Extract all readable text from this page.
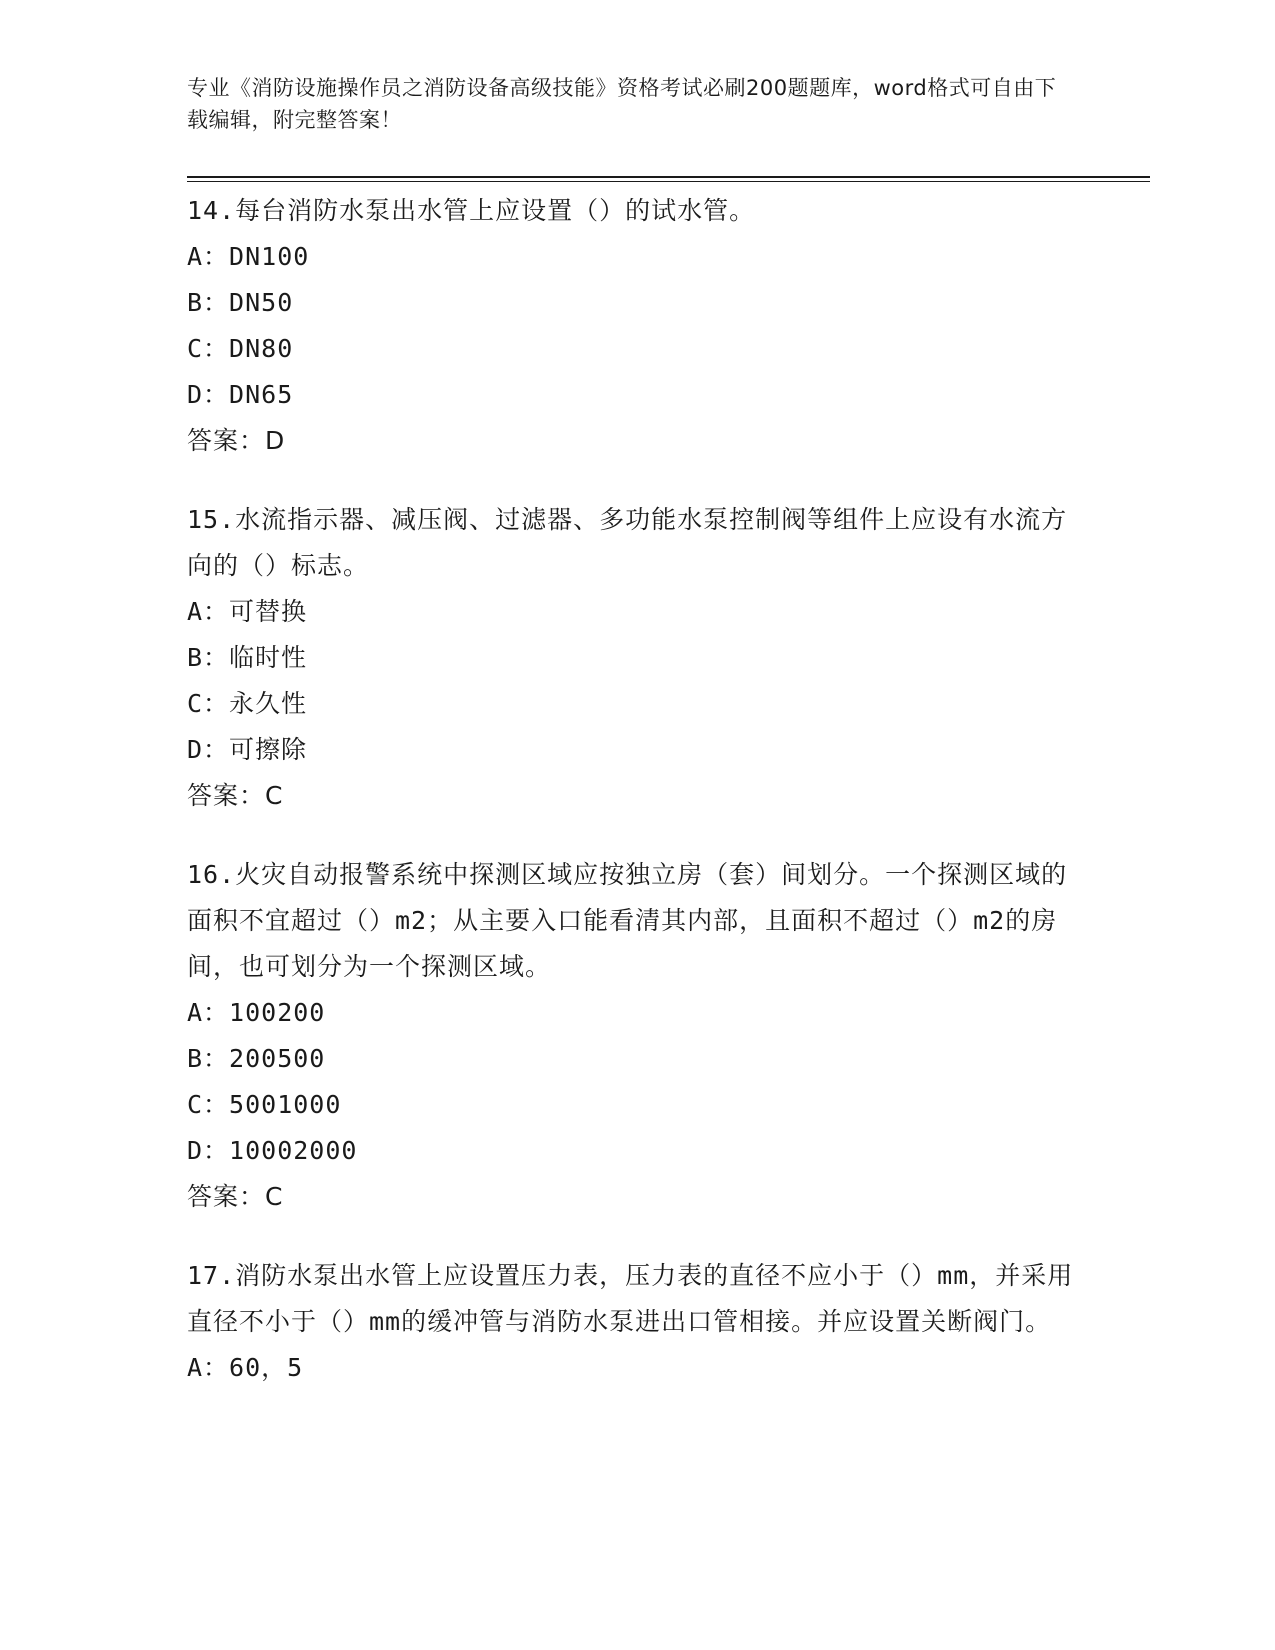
专业《消防设施操作员之消防设备高级技能》资格考试必刷200题题库，word格式可自由下载编辑，附完整答案！
14.每台消防水泵出水管上应设置（）的试水管。
A：DN100
B：DN50
C：DN80
D：DN65
答案：D
15.水流指示器、减压阀、过滤器、多功能水泵控制阀等组件上应设有水流方向的（）标志。
A：可替换
B：临时性
C：永久性
D：可擦除
答案：C
16.火灾自动报警系统中探测区域应按独立房（套）间划分。一个探测区域的面积不宜超过（）m2；从主要入口能看清其内部，且面积不超过（）m2的房间，也可划分为一个探测区域。
A：100200
B：200500
C：5001000
D：10002000
答案：C
17.消防水泵出水管上应设置压力表，压力表的直径不应小于（）mm，并采用直径不小于（）mm的缓冲管与消防水泵进出口管相接。并应设置关断阀门。
A：60，5
